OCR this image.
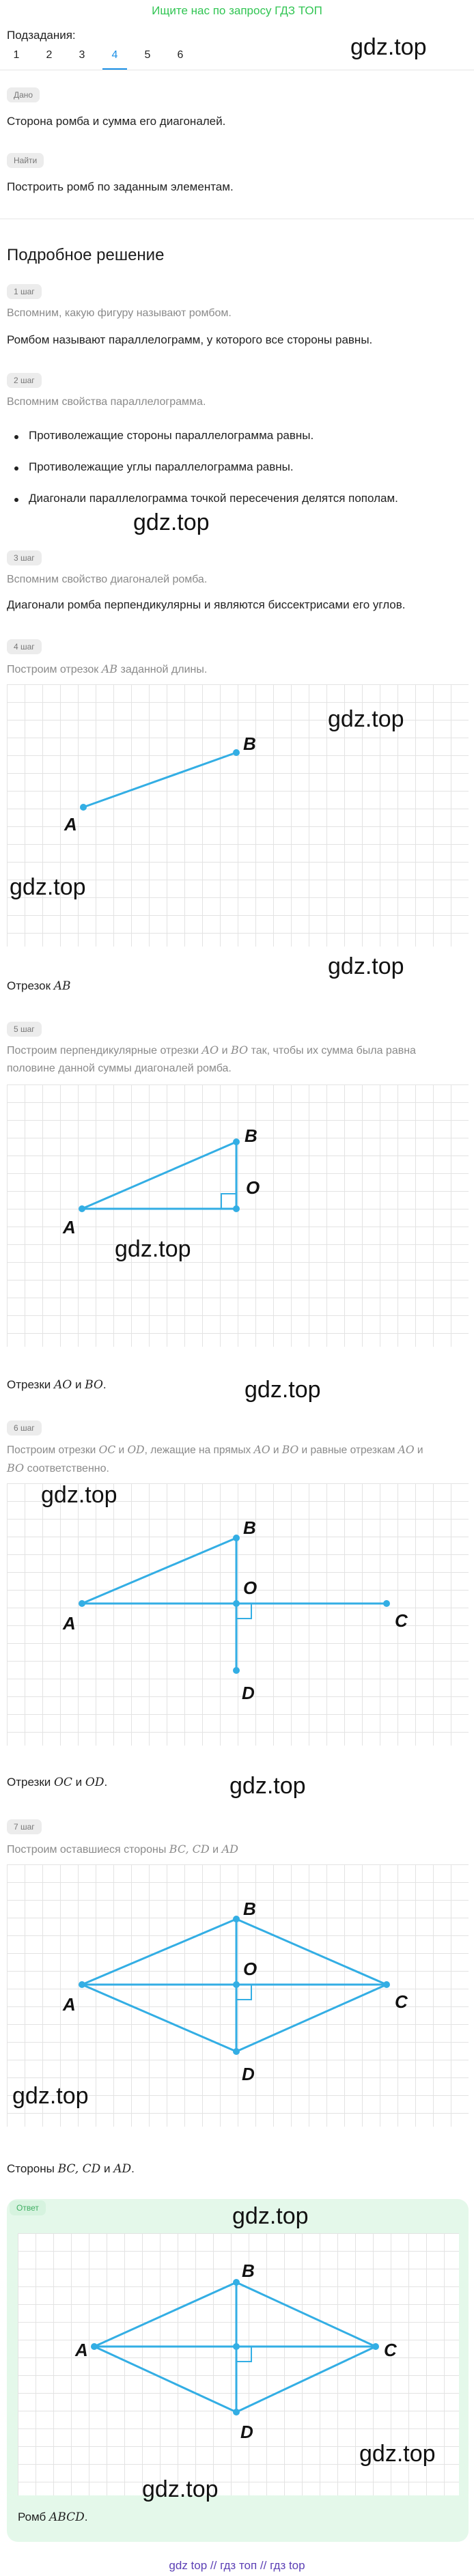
Ищите нас по запросу ГДЗ ТОП
Подзадания:	gdz.top
1	2	3	4	5	6
Дано
Сторона ромба и сумма его диагоналей.
Найти
Построить ромб по заданным элементам.
Подробное решение
1 шаг
Вспомним, какую фигуру называют ромбом.
Ромбом называют параллелограмм, у которого все стороны равны.
2 шаг
Вспомним свойства параллелограмма.
Противолежащие стороны параллелограмма равны.
Противолежащие углы параллелограмма равны.
Диагонали параллелограмма точкой пересечения делятся пополам.
gdz.top
3 шаг
Вспомним свойство диагоналей ромба.
Диагонали ромба перпендикулярны и являются биссектрисами его углов.
4 шаг
Построим отрезок AB заданной длины.
A
B
gdz.top
gdz.top
gdz.top
Отрезок AB
5 шаг
Построим перпендикулярные отрезки AO и BO так, чтобы их сумма была равна
половине данной суммы диагоналей ромба.
A
B
O
gdz.top
gdz.top
Отрезки AO и BO.
6 шаг
Построим отрезки OC и OD, лежащие на прямых AO и BO и равные отрезкам AO и
BO соответственно.
A
B
O
C
D
gdz.top
gdz.top
Отрезки OC и OD.
7 шаг
Построим оставшиеся стороны BC, CD и AD
A
B
O
C
D
gdz.top
Стороны BC, CD и AD.
Ответ	gdz.top
A
B
C
D
gdz.top
gdz.top
Ромб ABCD.
gdz top // гдз топ // гдз top
